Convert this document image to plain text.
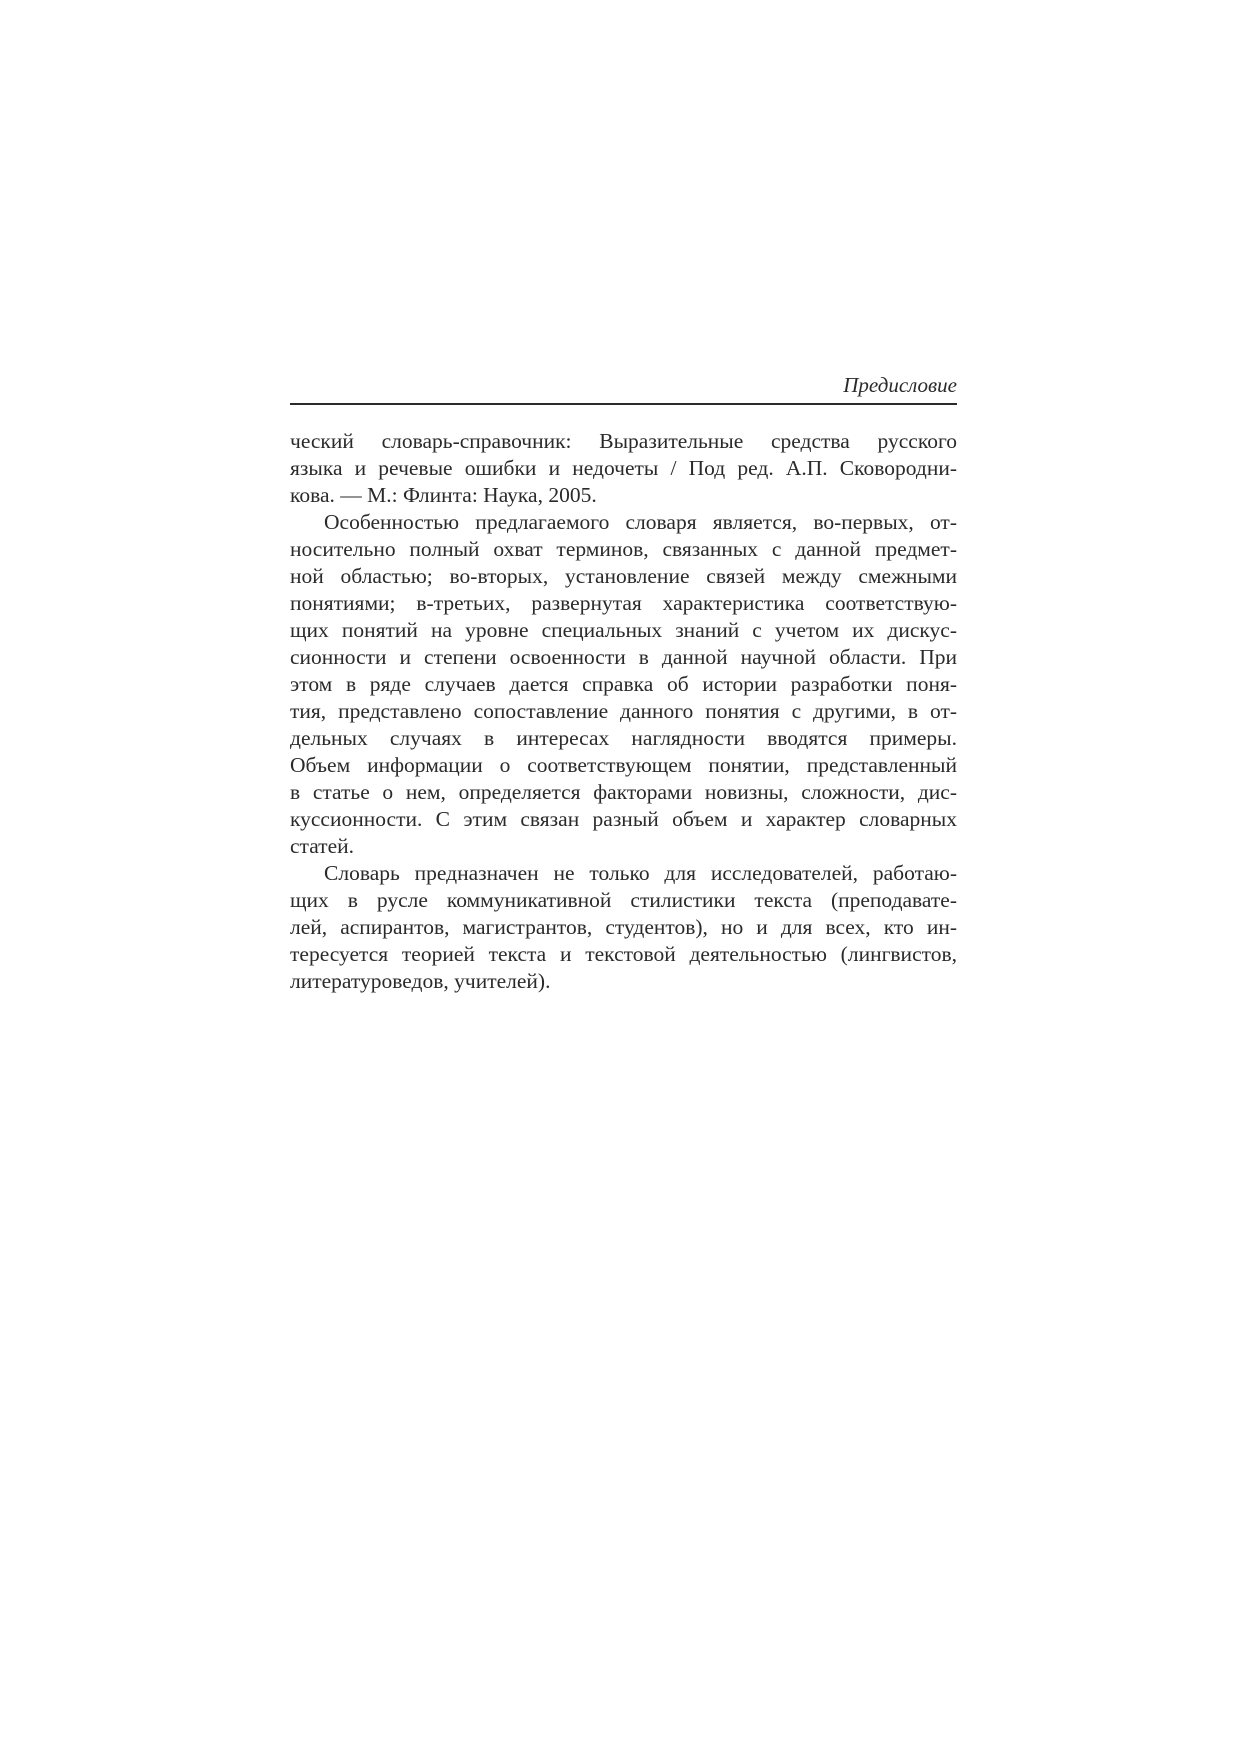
Предисловие
ческий словарь-справочник: Выразительные средства русского
языка и речевые ошибки и недочеты / Под ред. А.П. Сковородни-
кова. — М.: Флинта: Наука, 2005.
Особенностью предлагаемого словаря является, во-первых, от-
носительно полный охват терминов, связанных с данной предмет-
ной областью; во-вторых, установление связей между смежными
понятиями; в-третьих, развернутая характеристика соответствую-
щих понятий на уровне специальных знаний с учетом их дискус-
сионности и степени освоенности в данной научной области. При
этом в ряде случаев дается справка об истории разработки поня-
тия, представлено сопоставление данного понятия с другими, в от-
дельных случаях в интересах наглядности вводятся примеры.
Объем информации о соответствующем понятии, представленный
в статье о нем, определяется факторами новизны, сложности, дис-
куссионности. С этим связан разный объем и характер словарных
статей.
Словарь предназначен не только для исследователей, работаю-
щих в русле коммуникативной стилистики текста (преподавате-
лей, аспирантов, магистрантов, студентов), но и для всех, кто ин-
тересуется теорией текста и текстовой деятельностью (лингвистов,
литературоведов, учителей).
